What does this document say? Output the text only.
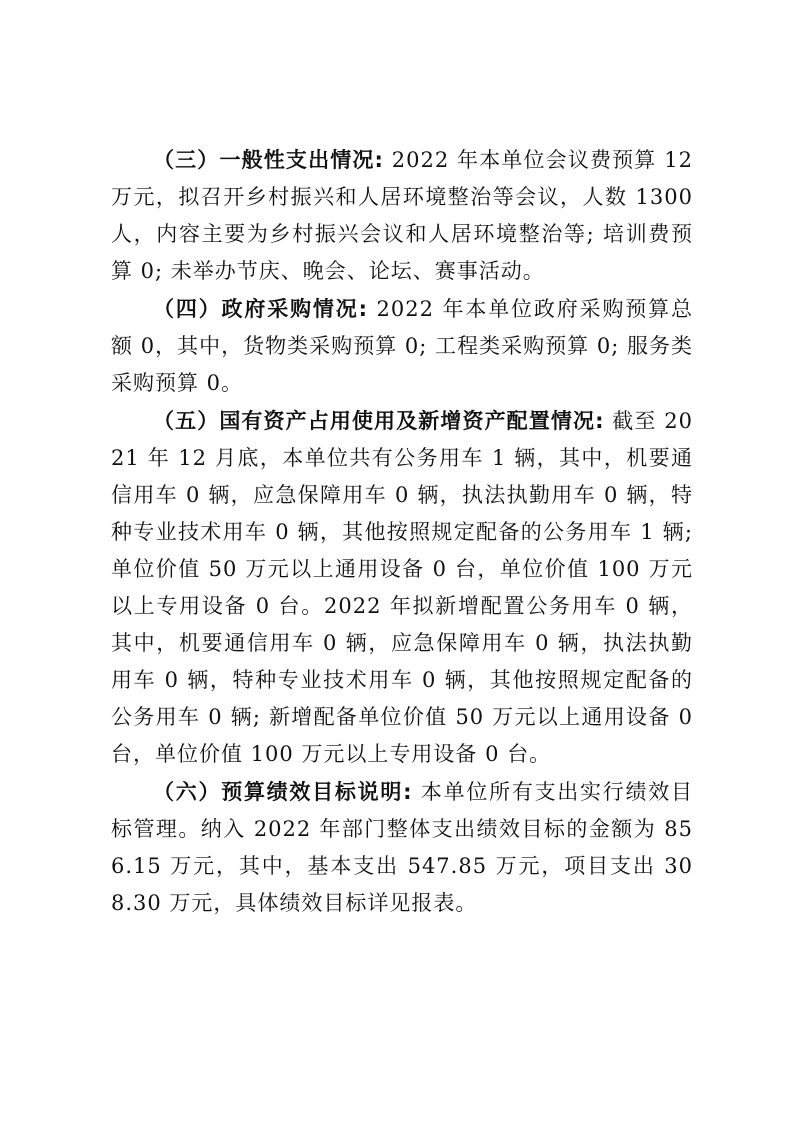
（三）一般性支出情况: 2022 年本单位会议费预算 12 万元，拟召开乡村振兴和人居环境整治等会议，人数 1300 人，内容主要为乡村振兴会议和人居环境整治等; 培训费预算 0; 未举办节庆、晚会、论坛、赛事活动。

（四）政府采购情况: 2022 年本单位政府采购预算总额 0，其中，货物类采购预算 0; 工程类采购预算 0; 服务类采购预算 0。

（五）国有资产占用使用及新增资产配置情况: 截至 2021 年 12 月底，本单位共有公务用车 1 辆，其中，机要通信用车 0 辆，应急保障用车 0 辆，执法执勤用车 0 辆，特种专业技术用车 0 辆，其他按照规定配备的公务用车 1 辆; 单位价值 50 万元以上通用设备 0 台，单位价值 100 万元以上专用设备 0 台。2022 年拟新增配置公务用车 0 辆，其中，机要通信用车 0 辆，应急保障用车 0 辆，执法执勤用车 0 辆，特种专业技术用车 0 辆，其他按照规定配备的公务用车 0 辆; 新增配备单位价值 50 万元以上通用设备 0 台，单位价值 100 万元以上专用设备 0 台。

（六）预算绩效目标说明: 本单位所有支出实行绩效目标管理。纳入 2022 年部门整体支出绩效目标的金额为 856.15 万元，其中，基本支出 547.85 万元，项目支出 308.30 万元，具体绩效目标详见报表。
